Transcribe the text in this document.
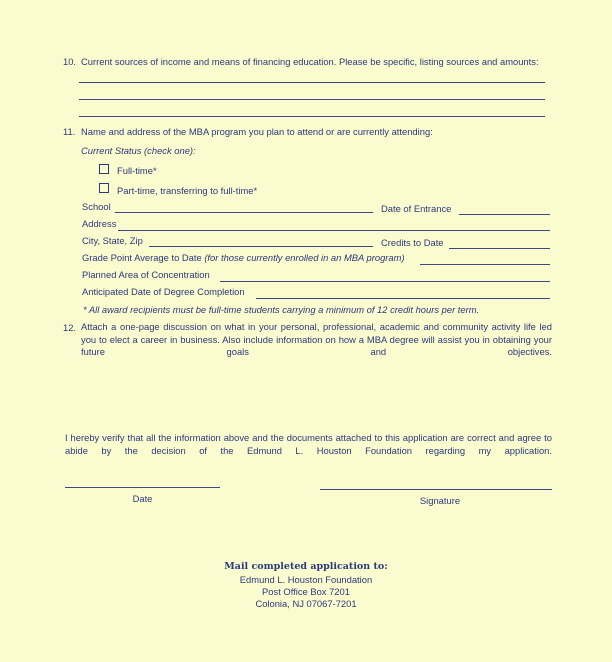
10. Current sources of income and means of financing education. Please be specific, listing sources and amounts:
11. Name and address of the MBA program you plan to attend or are currently attending:
Current Status (check one):
Full-time*
Part-time, transferring to full-time*
School	Date of Entrance
Address
City, State, Zip	Credits to Date
Grade Point Average to Date (for those currently enrolled in an MBA program)
Planned Area of Concentration
Anticipated Date of Degree Completion
* All award recipients must be full-time students carrying a minimum of 12 credit hours per term.
12. Attach a one-page discussion on what in your personal, professional, academic and community activity life led you to elect a career in business. Also include information on how a MBA degree will assist you in obtaining your future goals and objectives.
I hereby verify that all the information above and the documents attached to this application are correct and agree to abide by the decision of the Edmund L. Houston Foundation regarding my application.
Date	Signature
Mail completed application to:
Edmund L. Houston Foundation
Post Office Box 7201
Colonia, NJ 07067-7201
